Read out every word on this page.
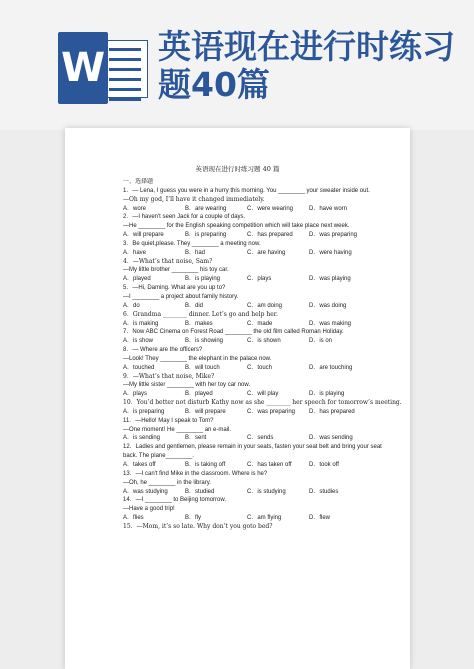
W 英语现在进行时练习题40篇
英语现在进行时练习题 40 篇
一、选择题
1．— Lena, I guess you were in a hurry this morning. You ________ your sweater inside out.
—Oh my god, I’ll have it changed immediately.
A．wore	B．are wearing	C．were wearing	D．have worn
2．—I haven't seen Jack for a couple of days.
—He ________ for the English speaking competition which will take place next week.
A．will prepare	B．is preparing	C．has prepared	D．was preparing
3．Be quiet,please. They ________ a meeting now.
A．have	B．had	C．are having	D．were having
4．—What’s that noise, Sam?
—My little brother ________ his toy car.
A．played	B．is playing	C．plays	D．was playing
5．—Hi, Daming. What are you up to?
—I ________ a project about family history.
A．do	B．did	C．am doing	D．was doing
6．Grandma ________ dinner. Let’s go and help her.
A．is making	B．makes	C．made	D．was making
7．Now ABC Cinema on Forest Road ________ the old film called Roman Holiday.
A．is show	B．is showing	C．is shown	D．is on
8．— Where are the officers?
—Look! They ________ the elephant in the palace now.
A．touched	B．will touch	C．touch	D．are touching
9．—What’s that noise, Mike?
—My little sister ________ with her toy car now.
A．plays	B．played	C．will play	D．is playing
10．You’d better not disturb Kathy now as she ________ her speech for tomorrow’s meeting.
A．is preparing	B．will prepare	C．was preparing	D．has prepared
11．—Hello! May I speak to Tom?
—One moment! He ________ an e-mail.
A．is sending	B．sent	C．sends	D．was sending
12．Ladies and gentlemen, please remain in your seats, fasten your seat belt and bring your seat
back. The plane________.
A．takes off	B．is taking off	C．has taken off	D．took off
13．—I can't find Mike in the classroom. Where is he?
—Oh, he ________ in the library.
A．was studying	B．studied	C．is studying	D．studies
14．—I ________ to Beijing tomorrow.
—Have a good trip!
A．flies	B．fly	C．am flying	D．flew
15．—Mom, it’s so late. Why don’t you goto bed?
